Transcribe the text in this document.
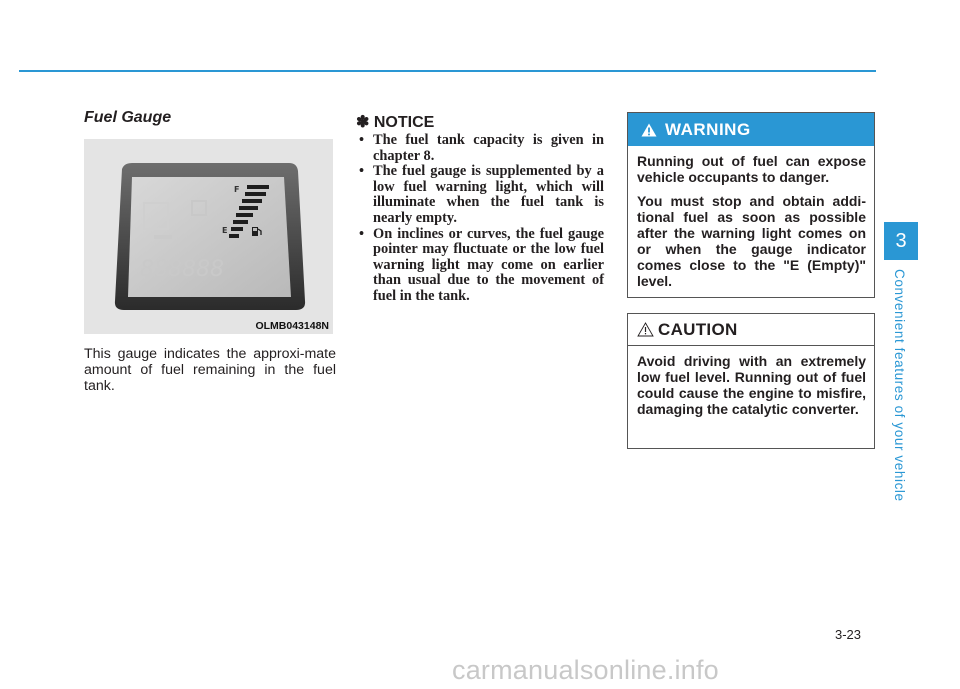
Fuel Gauge
888888
F
E
OLMB043148N

This gauge indicates the approxi-mate amount of fuel remaining in the fuel tank.

✽ NOTICE
• The fuel tank capacity is given in chapter 8.
• The fuel gauge is supplemented by a low fuel warning light, which will illuminate when the fuel tank is nearly empty.
• On inclines or curves, the fuel gauge pointer may fluctuate or the low fuel warning light may come on earlier than usual due to the movement of fuel in the tank.
WARNING

Running out of fuel can expose vehicle occupants to danger.

You must stop and obtain addi-tional fuel as soon as possible after the warning light comes on or when the gauge indicator comes close to the "E (Empty)" level.

CAUTION

Avoid driving with an extremely low fuel level. Running out of fuel could cause the engine to misfire, damaging the catalytic converter.

3
Convenient features of your vehicle
3-23
carmanualsonline.info
